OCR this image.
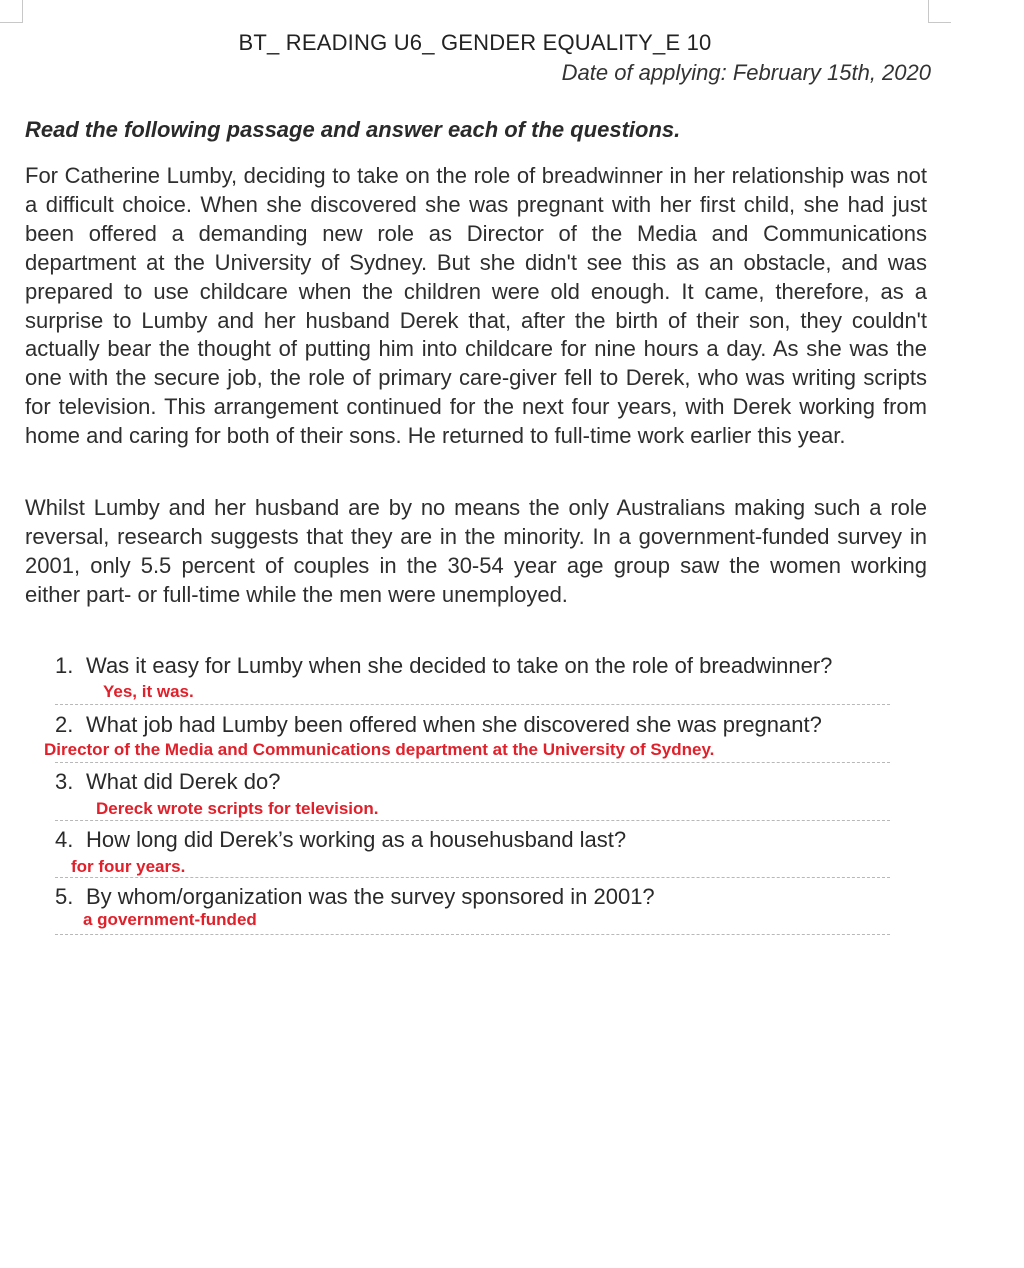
BT_ READING U6_ GENDER EQUALITY_E 10
Date of applying: February 15th, 2020
Read the following passage and answer each of the questions.

For Catherine Lumby, deciding to take on the role of breadwinner in her relationship was not a difficult choice. When she discovered she was pregnant with her first child, she had just been offered a demanding new role as Director of the Media and Communications department at the University of Sydney. But she didn't see this as an obstacle, and was prepared to use childcare when the children were old enough. It came, therefore, as a surprise to Lumby and her husband Derek that, after the birth of their son, they couldn't actually bear the thought of putting him into childcare for nine hours a day. As she was the one with the secure job, the role of primary care-giver fell to Derek, who was writing scripts for television. This arrangement continued for the next four years, with Derek working from home and caring for both of their sons. He returned to full-time work earlier this year.

Whilst Lumby and her husband are by no means the only Australians making such a role reversal, research suggests that they are in the minority. In a government-funded survey in 2001, only 5.5 percent of couples in the 30-54 year age group saw the women working either part- or full-time while the men were unemployed.

1. Was it easy for Lumby when she decided to take on the role of breadwinner?
Yes, it was.
2. What job had Lumby been offered when she discovered she was pregnant?
Director of the Media and Communications department at the University of Sydney.
3. What did Derek do?
Dereck wrote scripts for television.
4. How long did Derek’s working as a househusband last?
for four years.
5. By whom/organization was the survey sponsored in 2001?
a government-funded
